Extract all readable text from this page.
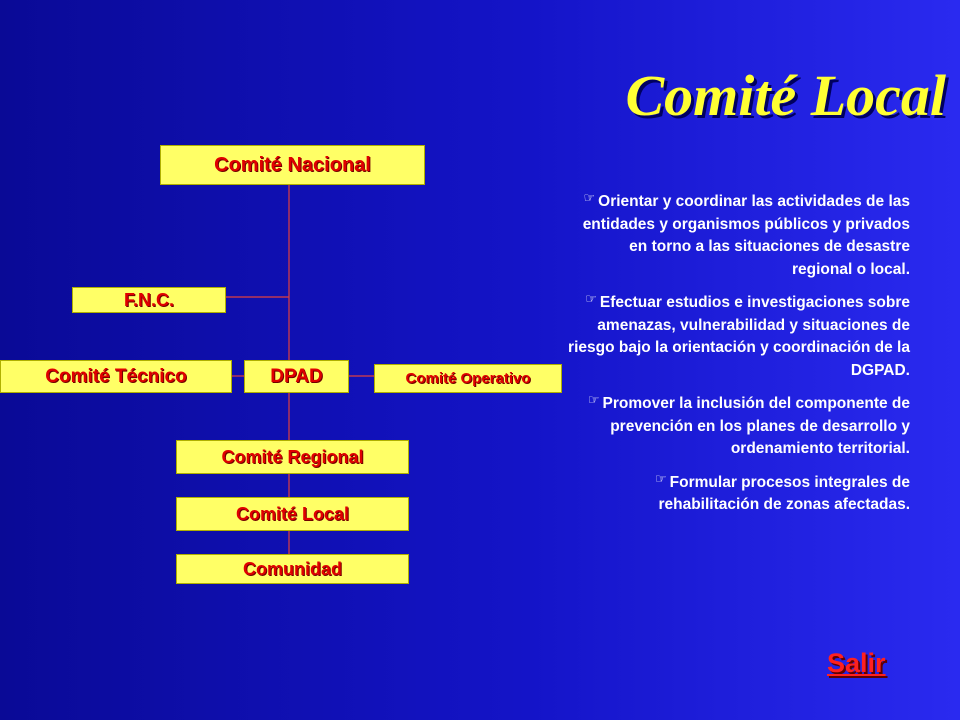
Comité Local
Comité Nacional
F.N.C.
Comité Técnico	DPAD	Comité Operativo
Comité Regional
Comité Local
Comunidad

☞ Orientar y coordinar las actividades de las entidades y organismos públicos y privados en torno a las situaciones de desastre regional o local.

☞ Efectuar estudios e investigaciones sobre amenazas, vulnerabilidad y situaciones de riesgo bajo la orientación y coordinación de la DGPAD.

☞ Promover la inclusión del componente de prevención en los planes de desarrollo y ordenamiento territorial.

☞ Formular procesos integrales de rehabilitación de zonas afectadas.

Salir
